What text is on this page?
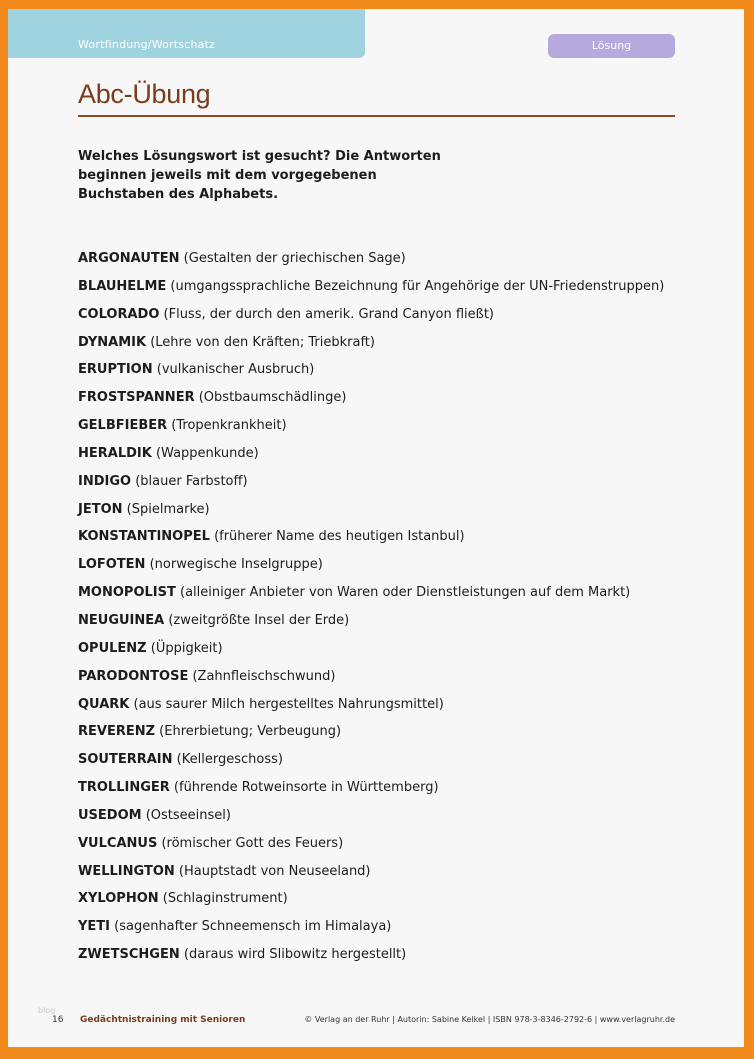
Wortfindung/Wortschatz	Lösung
Abc-Übung

Welches Lösungswort ist gesucht? Die Antworten beginnen jeweils mit dem vorgegebenen Buchstaben des Alphabets.

ARGONAUTEN (Gestalten der griechischen Sage)
BLAUHELME (umgangssprachliche Bezeichnung für Angehörige der UN-Friedenstruppen)
COLORADO (Fluss, der durch den amerik. Grand Canyon fließt)
DYNAMIK (Lehre von den Kräften; Triebkraft)
ERUPTION (vulkanischer Ausbruch)
FROSTSPANNER (Obstbaumschädlinge)
GELBFIEBER (Tropenkrankheit)
HERALDIK (Wappenkunde)
INDIGO (blauer Farbstoff)
JETON (Spielmarke)
KONSTANTINOPEL (früherer Name des heutigen Istanbul)
LOFOTEN (norwegische Inselgruppe)
MONOPOLIST (alleiniger Anbieter von Waren oder Dienstleistungen auf dem Markt)
NEUGUINEA (zweitgrößte Insel der Erde)
OPULENZ (Üppigkeit)
PARODONTOSE (Zahnfleischschwund)
QUARK (aus saurer Milch hergestelltes Nahrungsmittel)
REVERENZ (Ehrerbietung; Verbeugung)
SOUTERRAIN (Kellergeschoss)
TROLLINGER (führende Rotweinsorte in Württemberg)
USEDOM (Ostseeinsel)
VULCANUS (römischer Gott des Feuers)
WELLINGTON (Hauptstadt von Neuseeland)
XYLOPHON (Schlaginstrument)
YETI (sagenhafter Schneemensch im Himalaya)
ZWETSCHGEN (daraus wird Slibowitz hergestellt)
blog
16 Gedächtnistraining mit Senioren	© Verlag an der Ruhr | Autorin: Sabine Kelkel | ISBN 978-3-8346-2792-6 | www.verlagruhr.de
